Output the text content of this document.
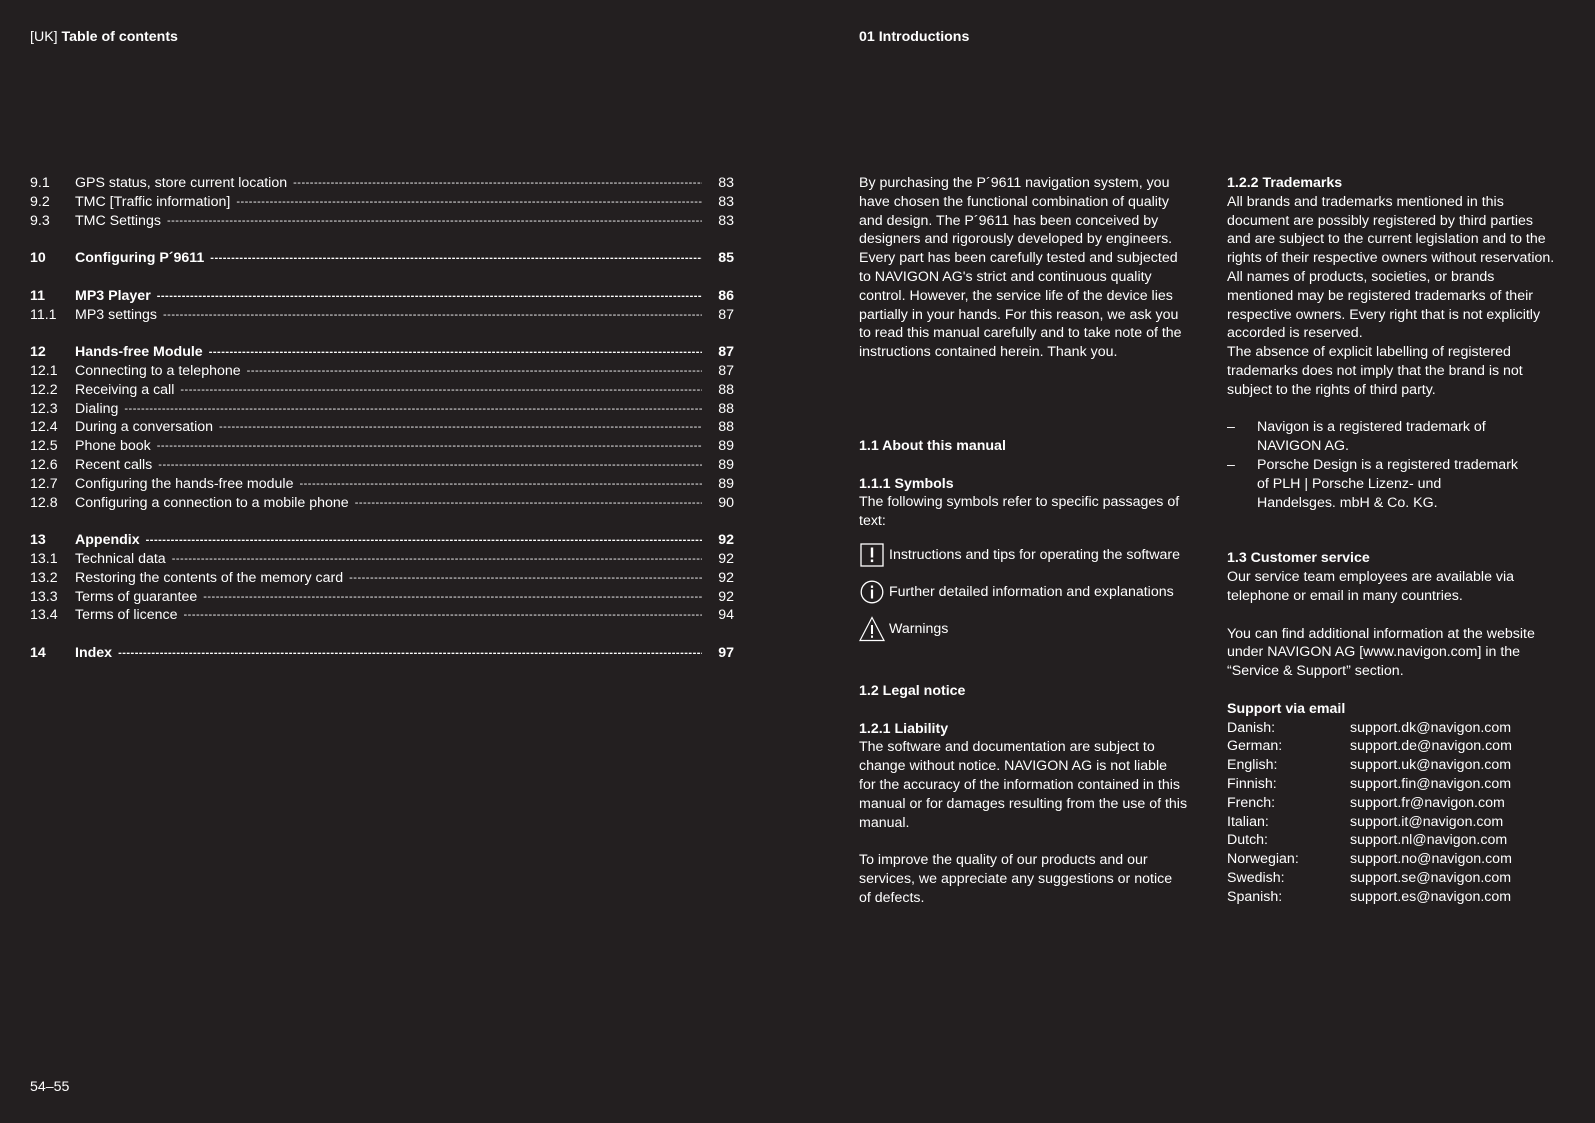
[UK] Table of contents	01 Introductions
9.1	GPS status, store current location -----	83
9.2	TMC [Traffic information] -----	83
9.3	TMC Settings -----	83
10	Configuring P´9611 -----	85
11	MP3 Player -----	86
11.1	MP3 settings -----	87
12	Hands-free Module -----	87
12.1	Connecting to a telephone -----	87
12.2	Receiving a call -----	88
12.3	Dialing -----	88
12.4	During a conversation -----	88
12.5	Phone book -----	89
12.6	Recent calls -----	89
12.7	Configuring the hands-free module -----	89
12.8	Configuring a connection to a mobile phone -----	90
13	Appendix -----	92
13.1	Technical data -----	92
13.2	Restoring the contents of the memory card -----	92
13.3	Terms of guarantee -----	92
13.4	Terms of licence -----	94
14	Index -----	97

By purchasing the P´9611 navigation system, you

have chosen the functional combination of quality

and design. The P´9611 has been conceived by

designers and rigorously developed by engineers.

Every part has been carefully tested and subjected

to NAVIGON AG's strict and continuous quality

control. However, the service life of the device lies

partially in your hands. For this reason, we ask you

to read this manual carefully and to take note of the

instructions contained herein. Thank you.

1.1 About this manual

1.1.1 Symbols

The following symbols refer to specific passages of

text:

Instructions and tips for operating the software
Further detailed information and explanations
Warnings

1.2 Legal notice

1.2.1 Liability

The software and documentation are subject to

change without notice. NAVIGON AG is not liable

for the accuracy of the information contained in this

manual or for damages resulting from the use of this

manual.

To improve the quality of our products and our

services, we appreciate any suggestions or notice

of defects.

1.2.2 Trademarks

All brands and trademarks mentioned in this

document are possibly registered by third parties

and are subject to the current legislation and to the

rights of their respective owners without reservation.

All names of products, societies, or brands

mentioned may be registered trademarks of their

respective owners. Every right that is not explicitly

accorded is reserved.

The absence of explicit labelling of registered

trademarks does not imply that the brand is not

subject to the rights of third party.

–	Navigon is a registered trademark of

NAVIGON AG.

–	Porsche Design is a registered trademark

of PLH | Porsche Lizenz- und

Handelsges. mbH & Co. KG.

1.3 Customer service

Our service team employees are available via

telephone or email in many countries.

You can find additional information at the website

under NAVIGON AG [www.navigon.com] in the

“Service & Support” section.

Support via email

Danish:	support.dk@navigon.com
German:	support.de@navigon.com
English:	support.uk@navigon.com
Finnish:	support.fin@navigon.com
French:	support.fr@navigon.com
Italian:	support.it@navigon.com
Dutch:	support.nl@navigon.com
Norwegian:	support.no@navigon.com
Swedish:	support.se@navigon.com
Spanish:	support.es@navigon.com
54–55
